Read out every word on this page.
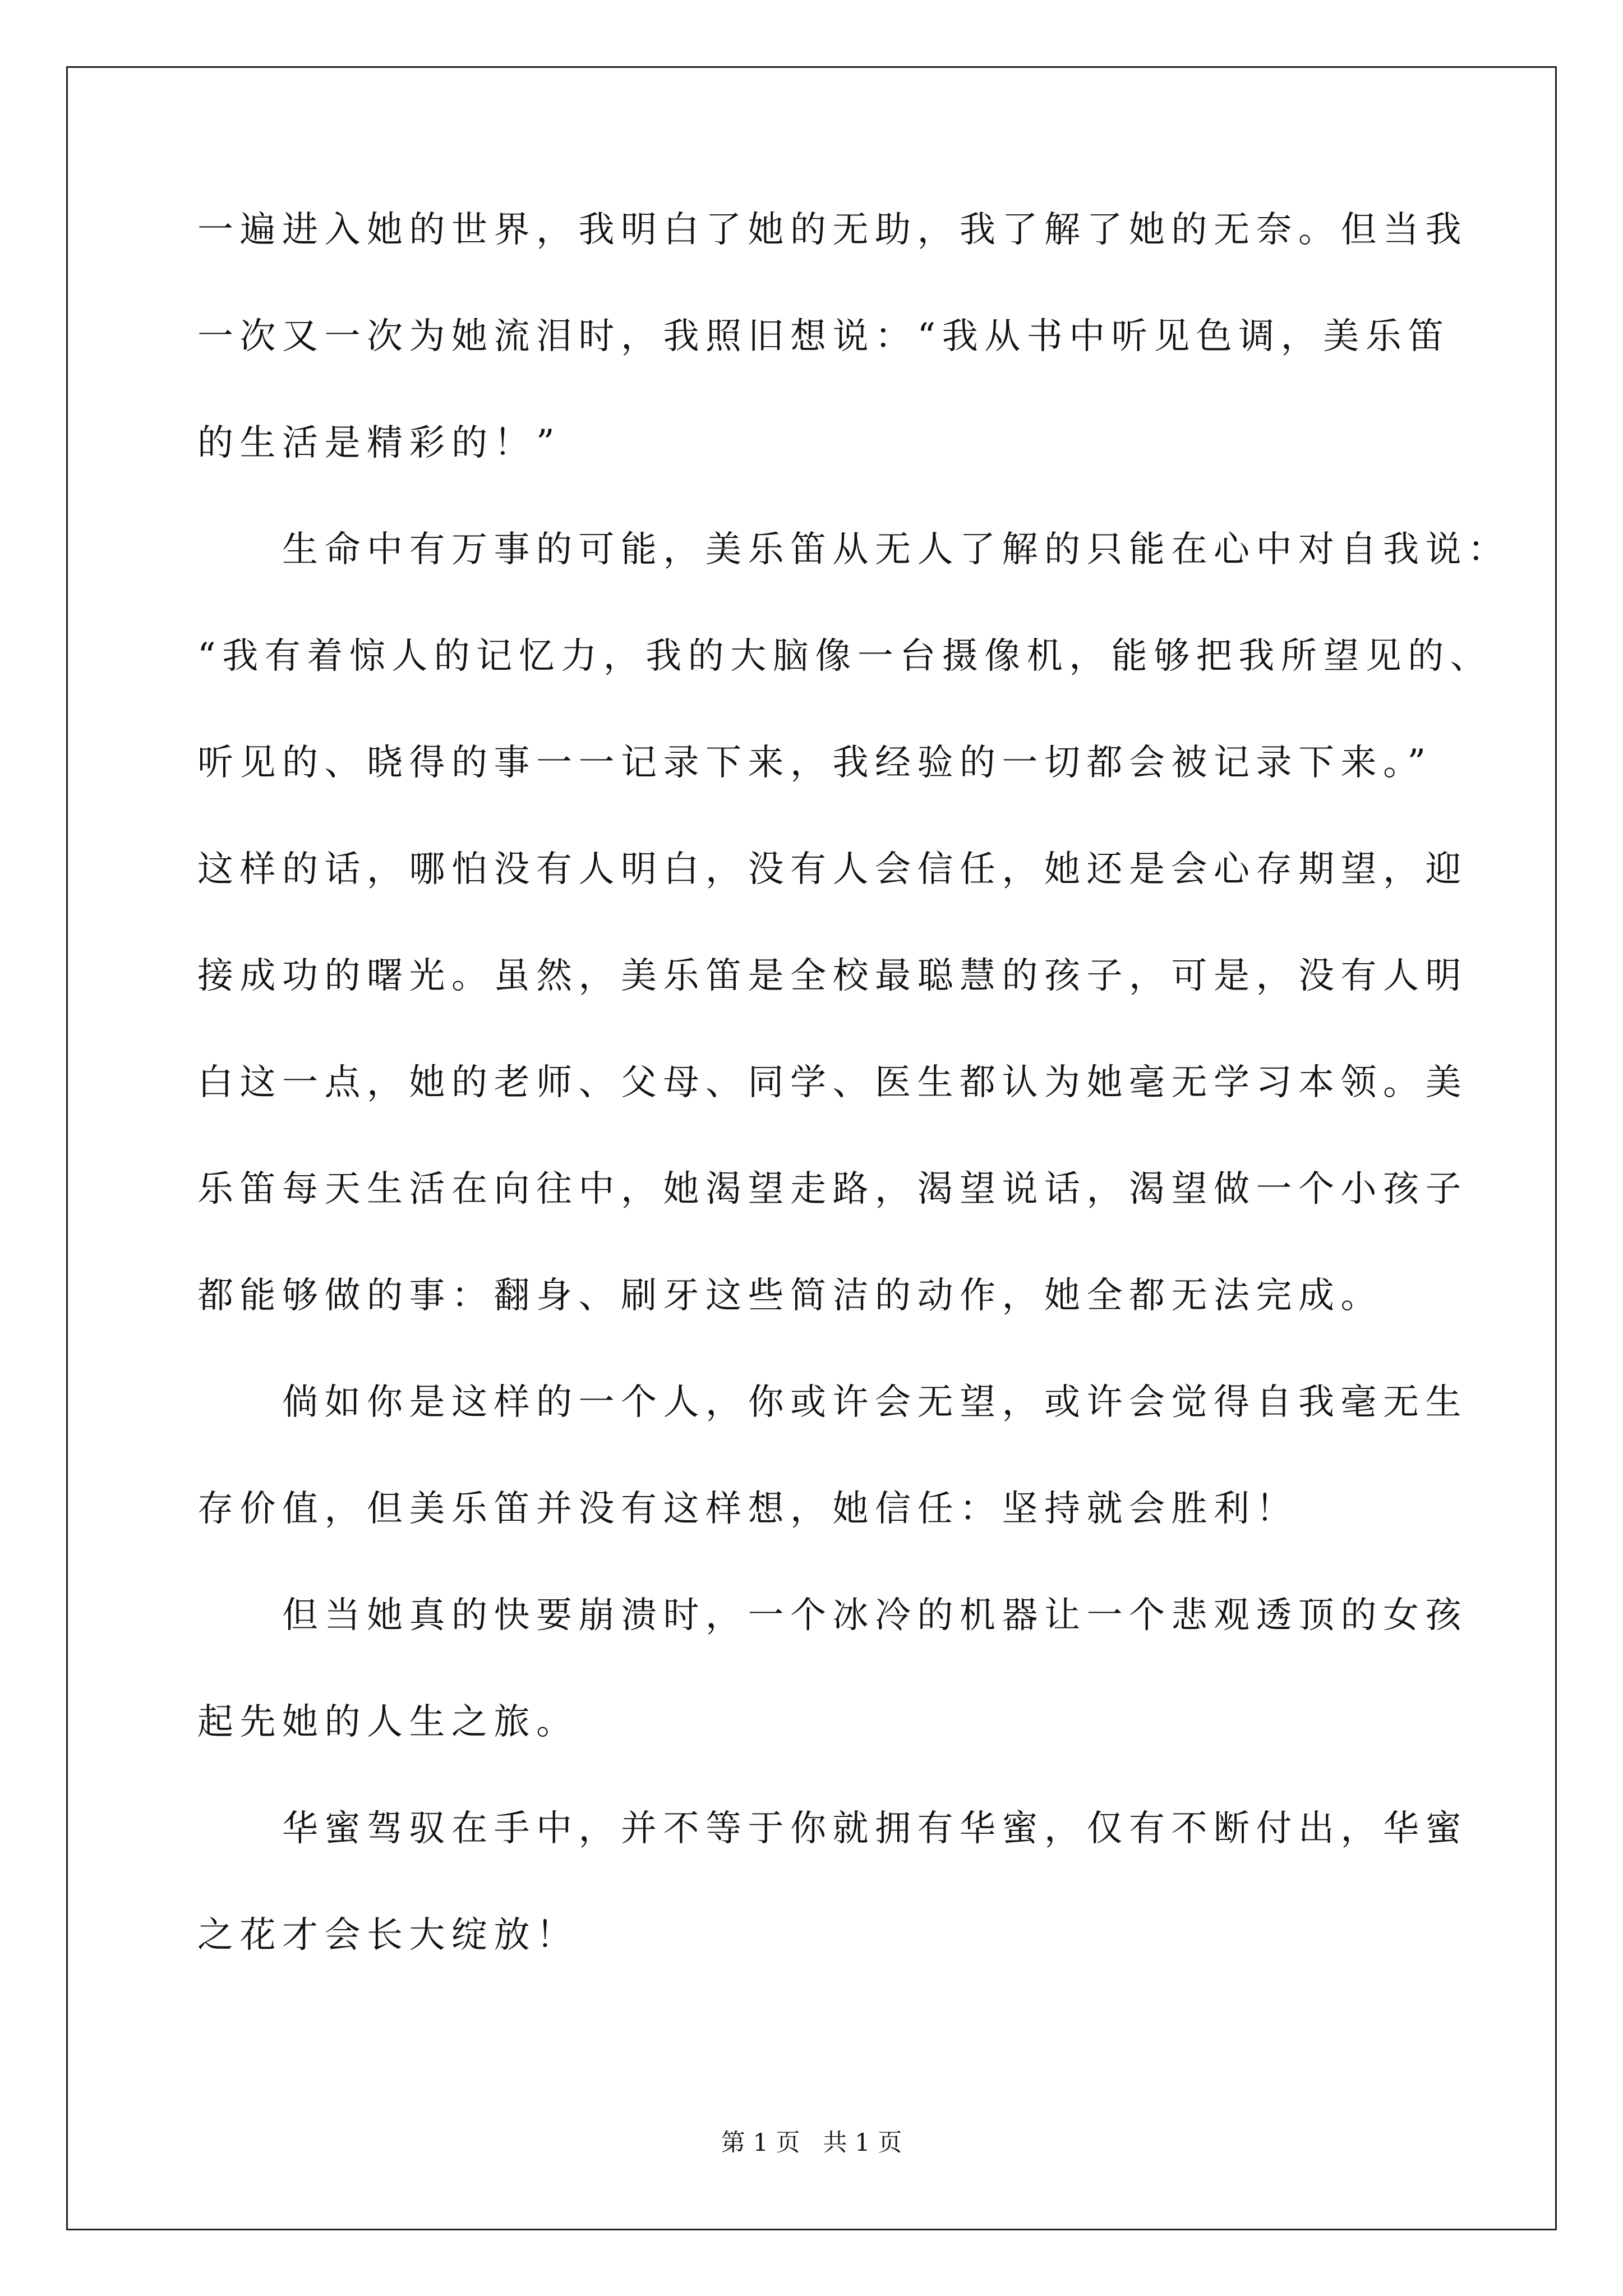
一遍进入她的世界，我明白了她的无助，我了解了她的无奈。但当我
一次又一次为她流泪时，我照旧想说：“我从书中听见色调，美乐笛
的生活是精彩的！”
　　生命中有万事的可能，美乐笛从无人了解的只能在心中对自我说：
“我有着惊人的记忆力，我的大脑像一台摄像机，能够把我所望见的、
听见的、晓得的事一一记录下来，我经验的一切都会被记录下来。”
这样的话，哪怕没有人明白，没有人会信任，她还是会心存期望，迎
接成功的曙光。虽然，美乐笛是全校最聪慧的孩子，可是，没有人明
白这一点，她的老师、父母、同学、医生都认为她毫无学习本领。美
乐笛每天生活在向往中，她渴望走路，渴望说话，渴望做一个小孩子
都能够做的事：翻身、刷牙这些简洁的动作，她全都无法完成。
　　倘如你是这样的一个人，你或许会无望，或许会觉得自我毫无生
存价值，但美乐笛并没有这样想，她信任：坚持就会胜利！
　　但当她真的快要崩溃时，一个冰冷的机器让一个悲观透顶的女孩
起先她的人生之旅。
　　华蜜驾驭在手中，并不等于你就拥有华蜜，仅有不断付出，华蜜
之花才会长大绽放！
第 1 页   共 1 页
